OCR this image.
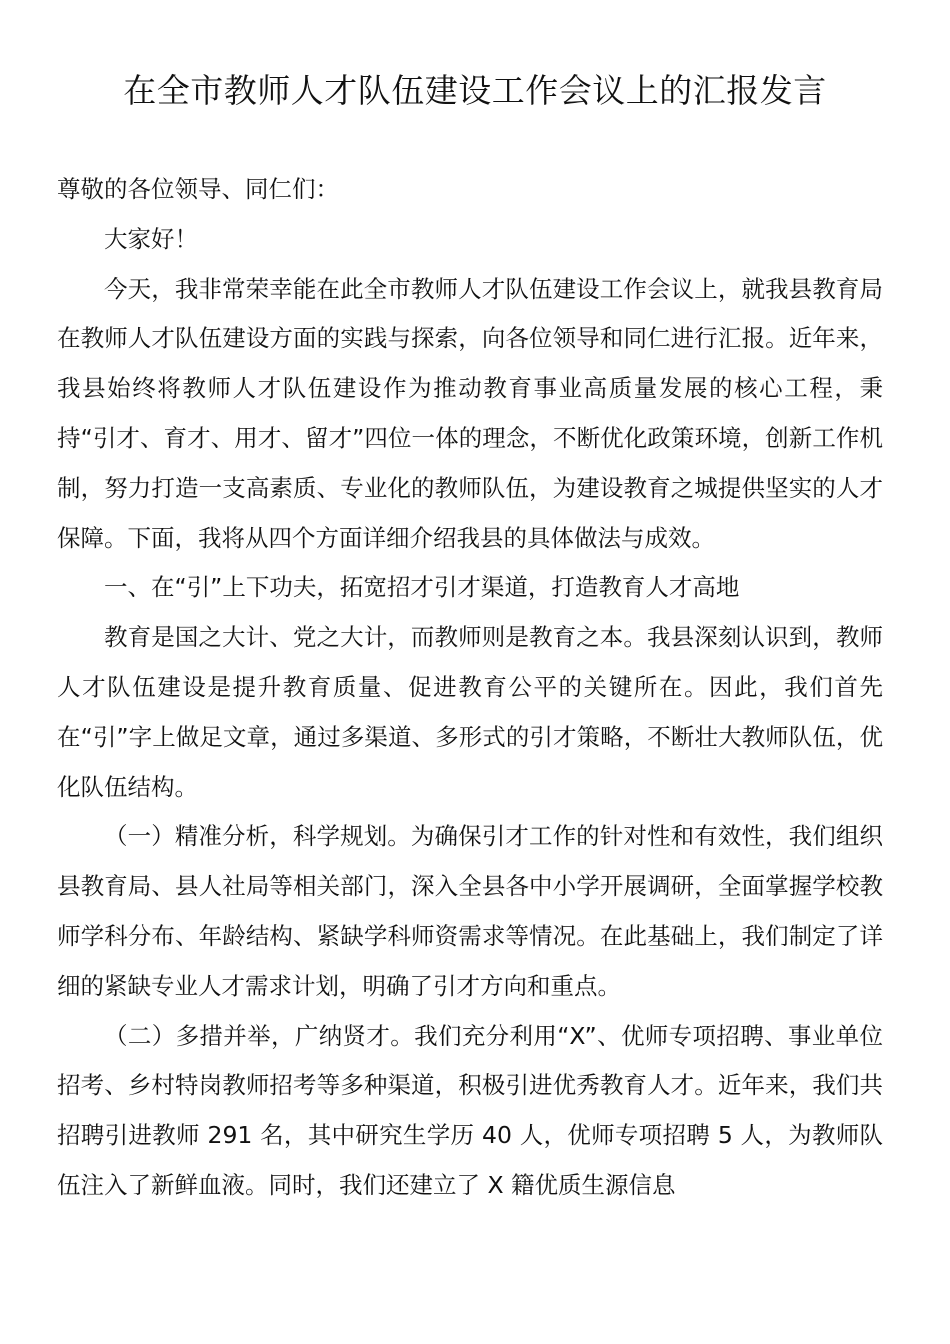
在全市教师人才队伍建设工作会议上的汇报发言

尊敬的各位领导、同仁们：

大家好！

今天，我非常荣幸能在此全市教师人才队伍建设工作会议上，就我县教育局在教师人才队伍建设方面的实践与探索，向各位领导和同仁进行汇报。近年来，我县始终将教师人才队伍建设作为推动教育事业高质量发展的核心工程，秉持“引才、育才、用才、留才”四位一体的理念，不断优化政策环境，创新工作机制，努力打造一支高素质、专业化的教师队伍，为建设教育之城提供坚实的人才保障。下面，我将从四个方面详细介绍我县的具体做法与成效。

一、在“引”上下功夫，拓宽招才引才渠道，打造教育人才高地

教育是国之大计、党之大计，而教师则是教育之本。我县深刻认识到，教师人才队伍建设是提升教育质量、促进教育公平的关键所在。因此，我们首先在“引”字上做足文章，通过多渠道、多形式的引才策略，不断壮大教师队伍，优化队伍结构。

（一）精准分析，科学规划。为确保引才工作的针对性和有效性，我们组织县教育局、县人社局等相关部门，深入全县各中小学开展调研，全面掌握学校教师学科分布、年龄结构、紧缺学科师资需求等情况。在此基础上，我们制定了详细的紧缺专业人才需求计划，明确了引才方向和重点。

（二）多措并举，广纳贤才。我们充分利用“X”、优师专项招聘、事业单位招考、乡村特岗教师招考等多种渠道，积极引进优秀教育人才。近年来，我们共招聘引进教师 291 名，其中研究生学历 40 人，优师专项招聘 5 人，为教师队伍注入了新鲜血液。同时，我们还建立了 X 籍优质生源信息
